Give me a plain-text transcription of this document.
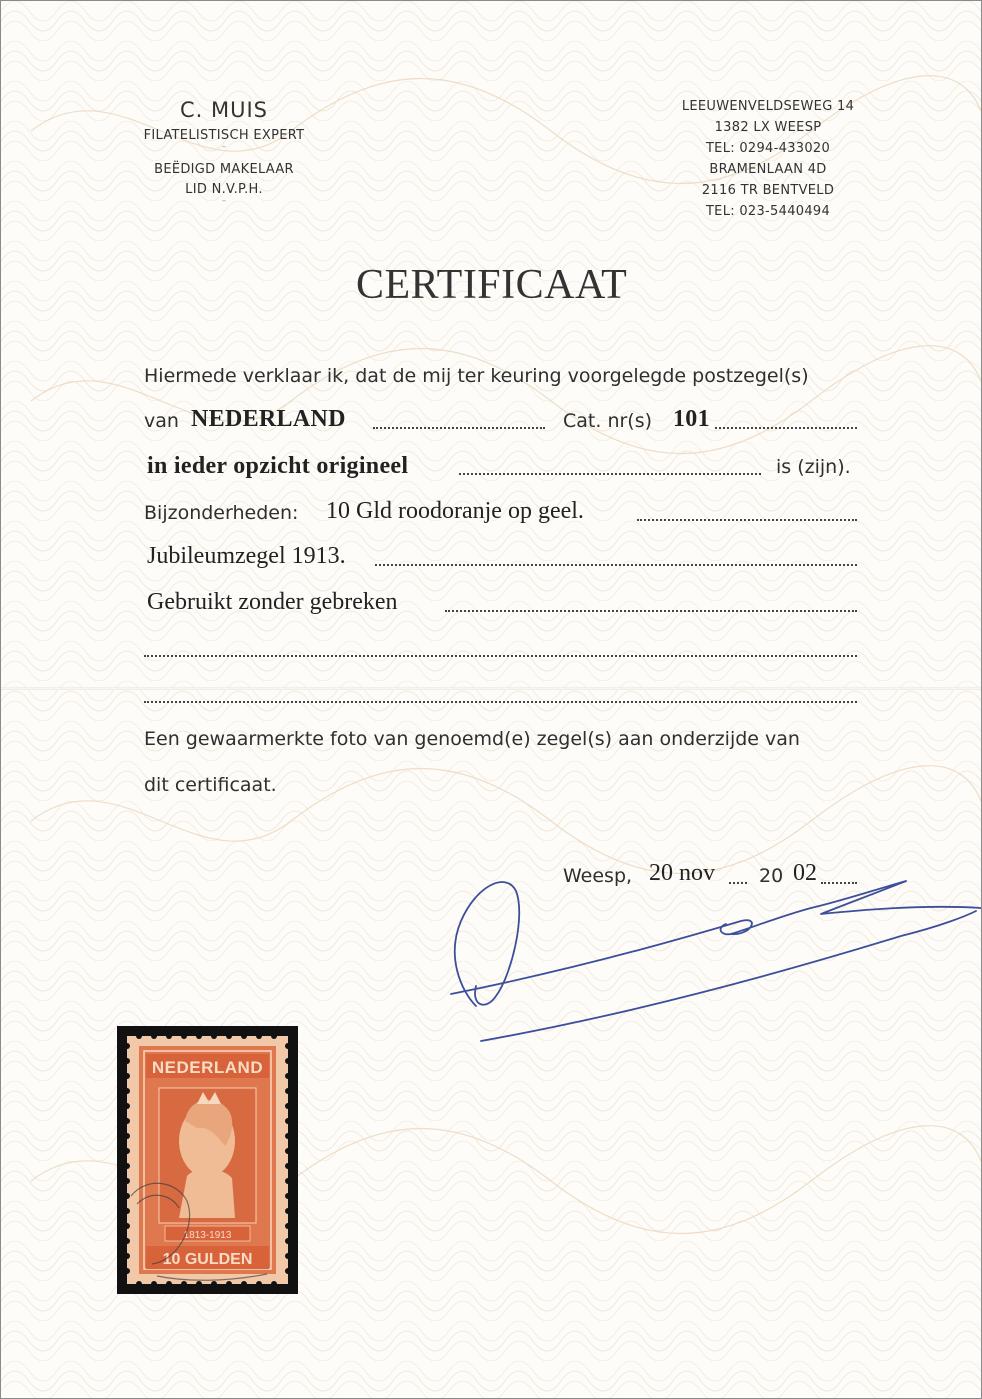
C. MUIS
FILATELISTISCH EXPERT
–
BEËDIGD MAKELAAR
LID N.V.P.H.
–
LEEUWENVELDSEWEG 14
1382 LX WEESP
TEL: 0294-433020
BRAMENLAAN 4D
2116 TR BENTVELD
TEL: 023-5440494
CERTIFICAAT
Hiermede verklaar ik, dat de mij ter keuring voorgelegde postzegel(s)
van NEDERLAND	Cat. nr(s) 101
in ieder opzicht origineel	is (zijn).
Bijzonderheden: 10 Gld roodoranje op geel.
Jubileumzegel 1913.
Gebruikt zonder gebreken
Een gewaarmerkte foto van genoemd(e) zegel(s) aan onderzijde van
dit certificaat.
Weesp, 20 nov 20 02
NEDERLAND
1813-1913
10 GULDEN
